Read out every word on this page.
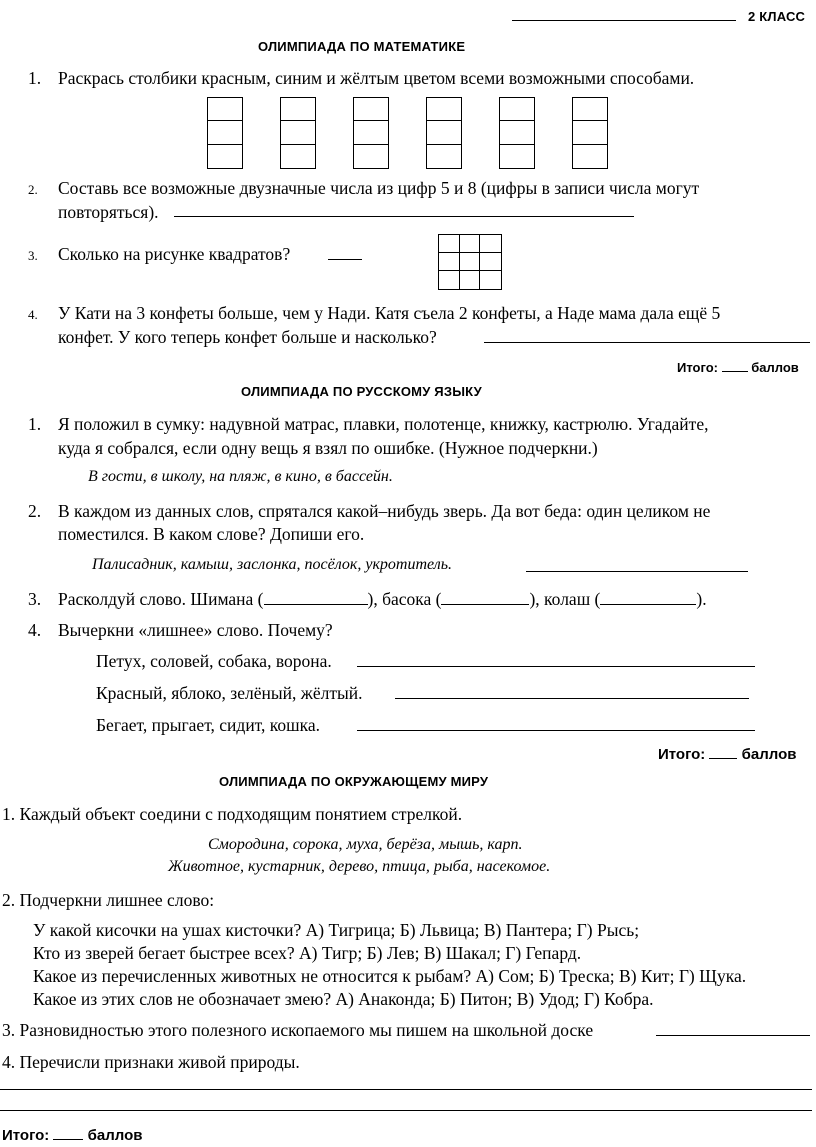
2 КЛАСС
ОЛИМПИАДА ПО МАТЕМАТИКЕ
1. Раскрась столбики красным, синим и жёлтым цветом всеми возможными способами.
2. Составь все возможные двузначные числа из цифр 5 и 8 (цифры в записи числа могут
повторяться).
3. Сколько на рисунке квадратов?
4. У Кати на 3 конфеты больше, чем у Нади. Катя съела 2 конфеты, а Наде мама дала ещё 5
конфет. У кого теперь конфет больше и насколько?
Итого:	баллов
ОЛИМПИАДА ПО РУССКОМУ ЯЗЫКУ
1. Я положил в сумку: надувной матрас, плавки, полотенце, книжку, кастрюлю. Угадайте,
куда я собрался, если одну вещь я взял по ошибке. (Нужное подчеркни.)
В гости, в школу, на пляж, в кино, в бассейн.
2. В каждом из данных слов, спрятался какой–нибудь зверь. Да вот беда: один целиком не
поместился. В каком слове? Допиши его.
Палисадник, камыш, заслонка, посёлок, укротитель.
3. Расколдуй слово. Шимана (	), басока (	), колаш (	).
4. Вычеркни «лишнее» слово. Почему?
Петух, соловей, собака, ворона.
Красный, яблоко, зелёный, жёлтый.
Бегает, прыгает, сидит, кошка.
Итого: баллов
ОЛИМПИАДА ПО ОКРУЖАЮЩЕМУ МИРУ
1. Каждый объект соедини с подходящим понятием стрелкой.
Смородина, сорока, муха, берёза, мышь, карп.
Животное, кустарник, дерево, птица, рыба, насекомое.
2. Подчеркни лишнее слово:
У какой кисочки на ушах кисточки? А) Тигрица; Б) Львица; В) Пантера; Г) Рысь;
Кто из зверей бегает быстрее всех? А) Тигр; Б) Лев; В) Шакал; Г) Гепард.
Какое из перечисленных животных не относится к рыбам? А) Сом; Б) Треска; В) Кит; Г) Щука.
Какое из этих слов не обозначает змею? А) Анаконда; Б) Питон; В) Удод; Г) Кобра.
3. Разновидностью этого полезного ископаемого мы пишем на школьной доске
4. Перечисли признаки живой природы.
Итого:	баллов
